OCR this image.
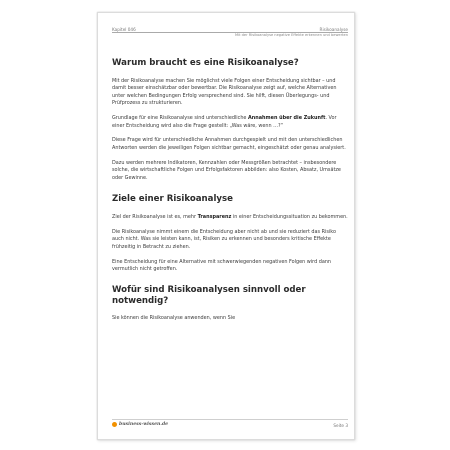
Kapitel 046	Risikoanalyse
Mit der Risikoanalyse negative Effekte erkennen und bewerten
Warum braucht es eine Risikoanalyse?

Mit der Risikoanalyse machen Sie möglichst viele Folgen einer Entscheidung sichtbar – und damit besser einschätzbar oder bewertbar. Die Risikoanalyse zeigt auf, welche Alternativen unter welchen Bedingungen Erfolg versprechend sind. Sie hilft, diesen Überlegungs- und Prüfprozess zu strukturieren.

Grundlage für eine Risikoanalyse sind unterschiedliche Annahmen über die Zukunft. Vor einer Entscheidung wird also die Frage gestellt: „Was wäre, wenn …?“

Diese Frage wird für unterschiedliche Annahmen durchgespielt und mit den unterschiedlichen Antworten werden die jeweiligen Folgen sichtbar gemacht, eingeschätzt oder genau analysiert.

Dazu werden mehrere Indikatoren, Kennzahlen oder Messgrößen betrachtet – insbesondere solche, die wirtschaftliche Folgen und Erfolgsfaktoren abbilden: also Kosten, Absatz, Umsätze oder Gewinne.

Ziele einer Risikoanalyse

Ziel der Risikoanalyse ist es, mehr Transparenz in einer Entscheidungssituation zu bekommen.

Die Risikoanalyse nimmt einem die Entscheidung aber nicht ab und sie reduziert das Risiko auch nicht. Was sie leisten kann, ist, Risiken zu erkennen und besonders kritische Effekte frühzeitig in Betracht zu ziehen.

Eine Entscheidung für eine Alternative mit schwerwiegenden negativen Folgen wird dann vermutlich nicht getroffen.

Wofür sind Risikoanalysen sinnvoll oder notwendig?

Sie können die Risikoanalyse anwenden, wenn Sie

business-wissen.de	Seite 3
